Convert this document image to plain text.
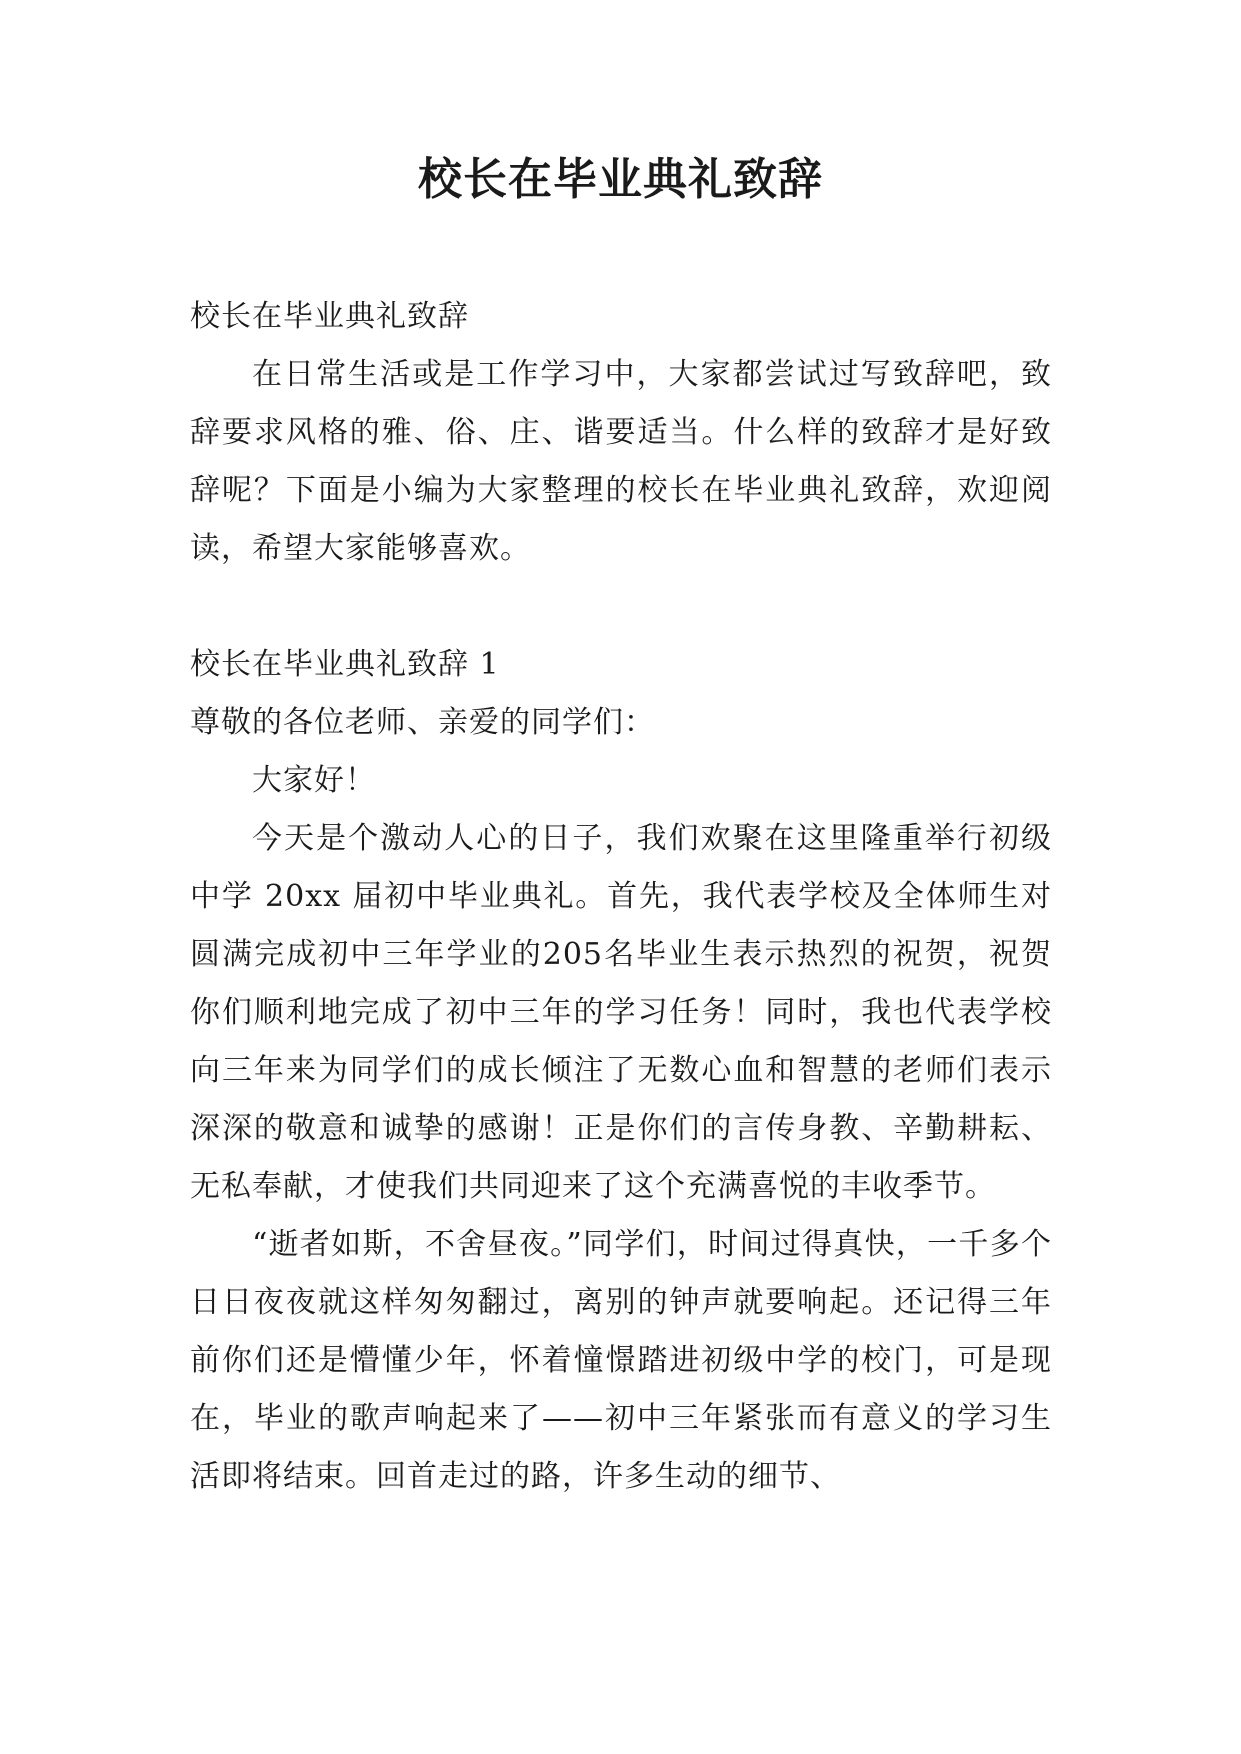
校长在毕业典礼致辞

校长在毕业典礼致辞

在日常生活或是工作学习中，大家都尝试过写致辞吧，致辞要求风格的雅、俗、庄、谐要适当。什么样的致辞才是好致辞呢？下面是小编为大家整理的校长在毕业典礼致辞，欢迎阅读，希望大家能够喜欢。

校长在毕业典礼致辞 1

尊敬的各位老师、亲爱的同学们：

大家好！

今天是个激动人心的日子，我们欢聚在这里隆重举行初级中学 20xx 届初中毕业典礼。首先，我代表学校及全体师生对圆满完成初中三年学业的205名毕业生表示热烈的祝贺，祝贺你们顺利地完成了初中三年的学习任务！同时，我也代表学校向三年来为同学们的成长倾注了无数心血和智慧的老师们表示深深的敬意和诚挚的感谢！正是你们的言传身教、辛勤耕耘、无私奉献，才使我们共同迎来了这个充满喜悦的丰收季节。

“逝者如斯，不舍昼夜。”同学们，时间过得真快，一千多个日日夜夜就这样匆匆翻过，离别的钟声就要响起。还记得三年前你们还是懵懂少年，怀着憧憬踏进初级中学的校门，可是现在，毕业的歌声响起来了——初中三年紧张而有意义的学习生活即将结束。回首走过的路，许多生动的细节、
